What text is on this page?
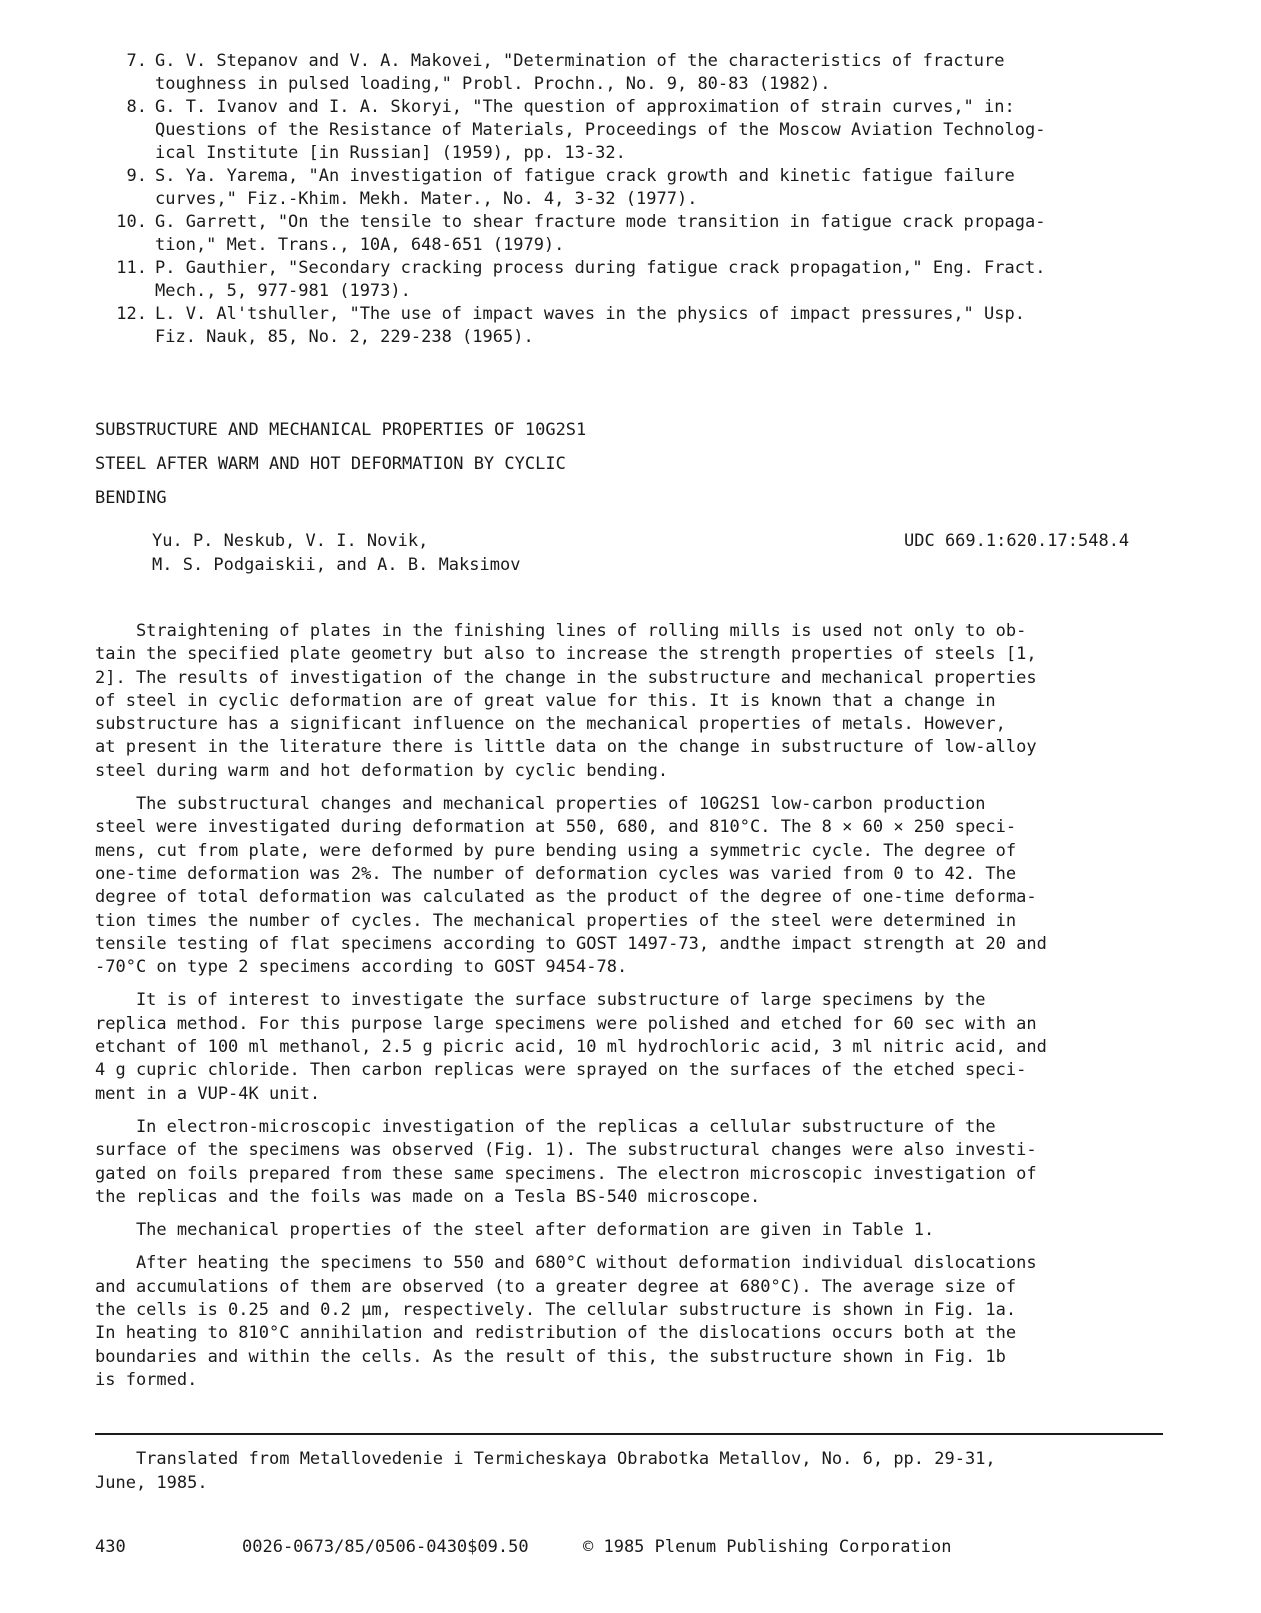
7. G. V. Stepanov and V. A. Makovei, "Determination of the characteristics of fracture
toughness in pulsed loading," Probl. Prochn., No. 9, 80-83 (1982).
8. G. T. Ivanov and I. A. Skoryi, "The question of approximation of strain curves," in:
Questions of the Resistance of Materials, Proceedings of the Moscow Aviation Technolog-
ical Institute [in Russian] (1959), pp. 13-32.
9. S. Ya. Yarema, "An investigation of fatigue crack growth and kinetic fatigue failure
curves," Fiz.-Khim. Mekh. Mater., No. 4, 3-32 (1977).
10. G. Garrett, "On the tensile to shear fracture mode transition in fatigue crack propaga-
tion," Met. Trans., 10A, 648-651 (1979).
11. P. Gauthier, "Secondary cracking process during fatigue crack propagation," Eng. Fract.
Mech., 5, 977-981 (1973).
12. L. V. Al'tshuller, "The use of impact waves in the physics of impact pressures," Usp.
Fiz. Nauk, 85, No. 2, 229-238 (1965).
SUBSTRUCTURE AND MECHANICAL PROPERTIES OF 10G2S1
STEEL AFTER WARM AND HOT DEFORMATION BY CYCLIC
BENDING
Yu. P. Neskub, V. I. Novik,
M. S. Podgaiskii, and A. B. Maksimov
UDC 669.1:620.17:548.4

Straightening of plates in the finishing lines of rolling mills is used not only to ob-
tain the specified plate geometry but also to increase the strength properties of steels [1,
2]. The results of investigation of the change in the substructure and mechanical properties
of steel in cyclic deformation are of great value for this. It is known that a change in
substructure has a significant influence on the mechanical properties of metals. However,
at present in the literature there is little data on the change in substructure of low-alloy
steel during warm and hot deformation by cyclic bending.

The substructural changes and mechanical properties of 10G2S1 low-carbon production
steel were investigated during deformation at 550, 680, and 810°C. The 8 × 60 × 250 speci-
mens, cut from plate, were deformed by pure bending using a symmetric cycle. The degree of
one-time deformation was 2%. The number of deformation cycles was varied from 0 to 42. The
degree of total deformation was calculated as the product of the degree of one-time deforma-
tion times the number of cycles. The mechanical properties of the steel were determined in
tensile testing of flat specimens according to GOST 1497-73, andthe impact strength at 20 and
-70°C on type 2 specimens according to GOST 9454-78.

It is of interest to investigate the surface substructure of large specimens by the
replica method. For this purpose large specimens were polished and etched for 60 sec with an
etchant of 100 ml methanol, 2.5 g picric acid, 10 ml hydrochloric acid, 3 ml nitric acid, and
4 g cupric chloride. Then carbon replicas were sprayed on the surfaces of the etched speci-
ment in a VUP-4K unit.

In electron-microscopic investigation of the replicas a cellular substructure of the
surface of the specimens was observed (Fig. 1). The substructural changes were also investi-
gated on foils prepared from these same specimens. The electron microscopic investigation of
the replicas and the foils was made on a Tesla BS-540 microscope.

The mechanical properties of the steel after deformation are given in Table 1.

After heating the specimens to 550 and 680°C without deformation individual dislocations
and accumulations of them are observed (to a greater degree at 680°C). The average size of
the cells is 0.25 and 0.2 μm, respectively. The cellular substructure is shown in Fig. 1a.
In heating to 810°C annihilation and redistribution of the dislocations occurs both at the
boundaries and within the cells. As the result of this, the substructure shown in Fig. 1b
is formed.

Translated from Metallovedenie i Termicheskaya Obrabotka Metallov, No. 6, pp. 29-31,
June, 1985.
430	0026-0673/85/0506-0430$09.50	© 1985 Plenum Publishing Corporation
